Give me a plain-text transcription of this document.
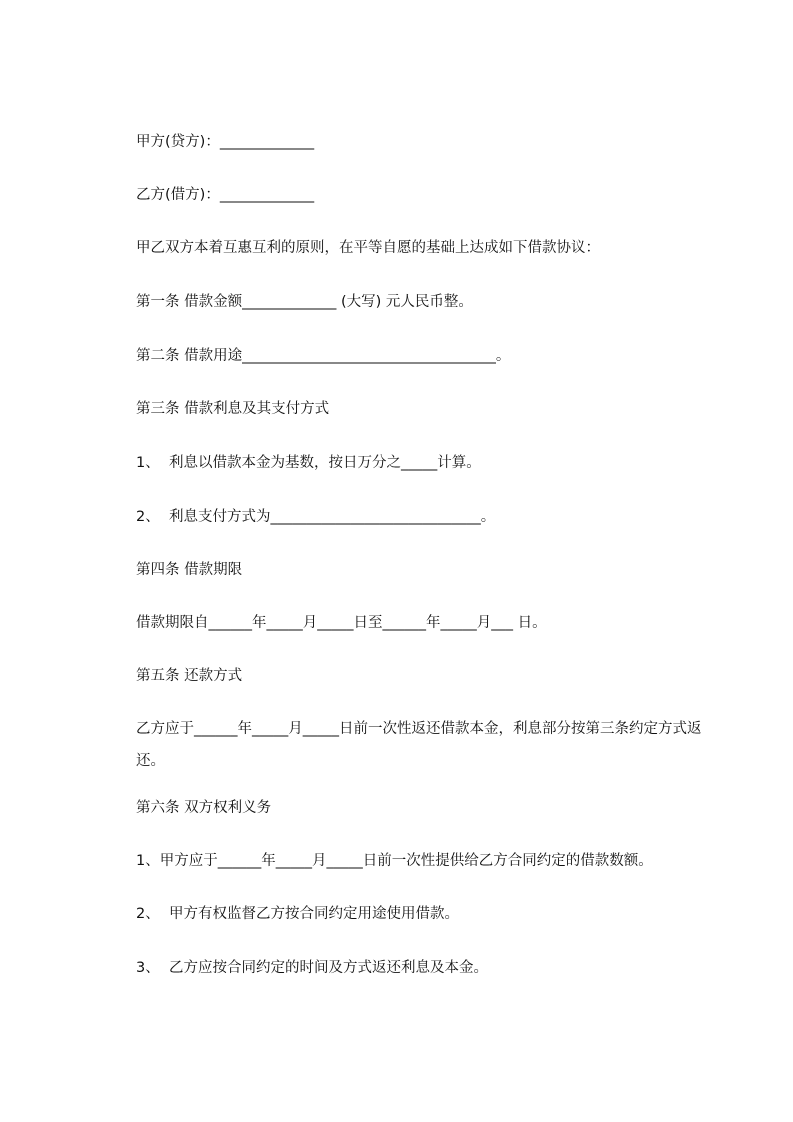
甲方(贷方)：_____________

乙方(借方)：_____________

甲乙双方本着互惠互利的原则，在平等自愿的基础上达成如下借款协议：

第一条 借款金额_____________ (大写) 元人民币整。

第二条 借款用途___________________________________。

第三条 借款利息及其支付方式

1、  利息以借款本金为基数，按日万分之_____计算。

2、  利息支付方式为_____________________________。

第四条 借款期限

借款期限自______年_____月_____日至______年_____月___ 日。

第五条 还款方式

乙方应于______年_____月_____日前一次性返还借款本金，利息部分按第三条约定方式返还。

第六条 双方权利义务

1、甲方应于______年_____月_____日前一次性提供给乙方合同约定的借款数额。

2、  甲方有权监督乙方按合同约定用途使用借款。

3、  乙方应按合同约定的时间及方式返还利息及本金。
